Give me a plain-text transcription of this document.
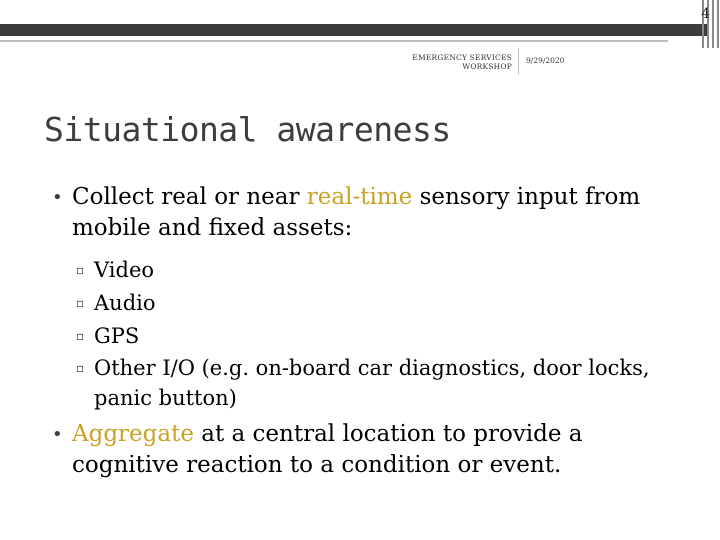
4
EMERGENCY SERVICES WORKSHOP
9/29/2020
Situational awareness

• Collect real or near real-time sensory input from mobile and fixed assets:

▫ Video
▫ Audio
▫ GPS
▫ Other I/O (e.g. on-board car diagnostics, door locks, panic button)

• Aggregate at a central location to provide a cognitive reaction to a condition or event.
